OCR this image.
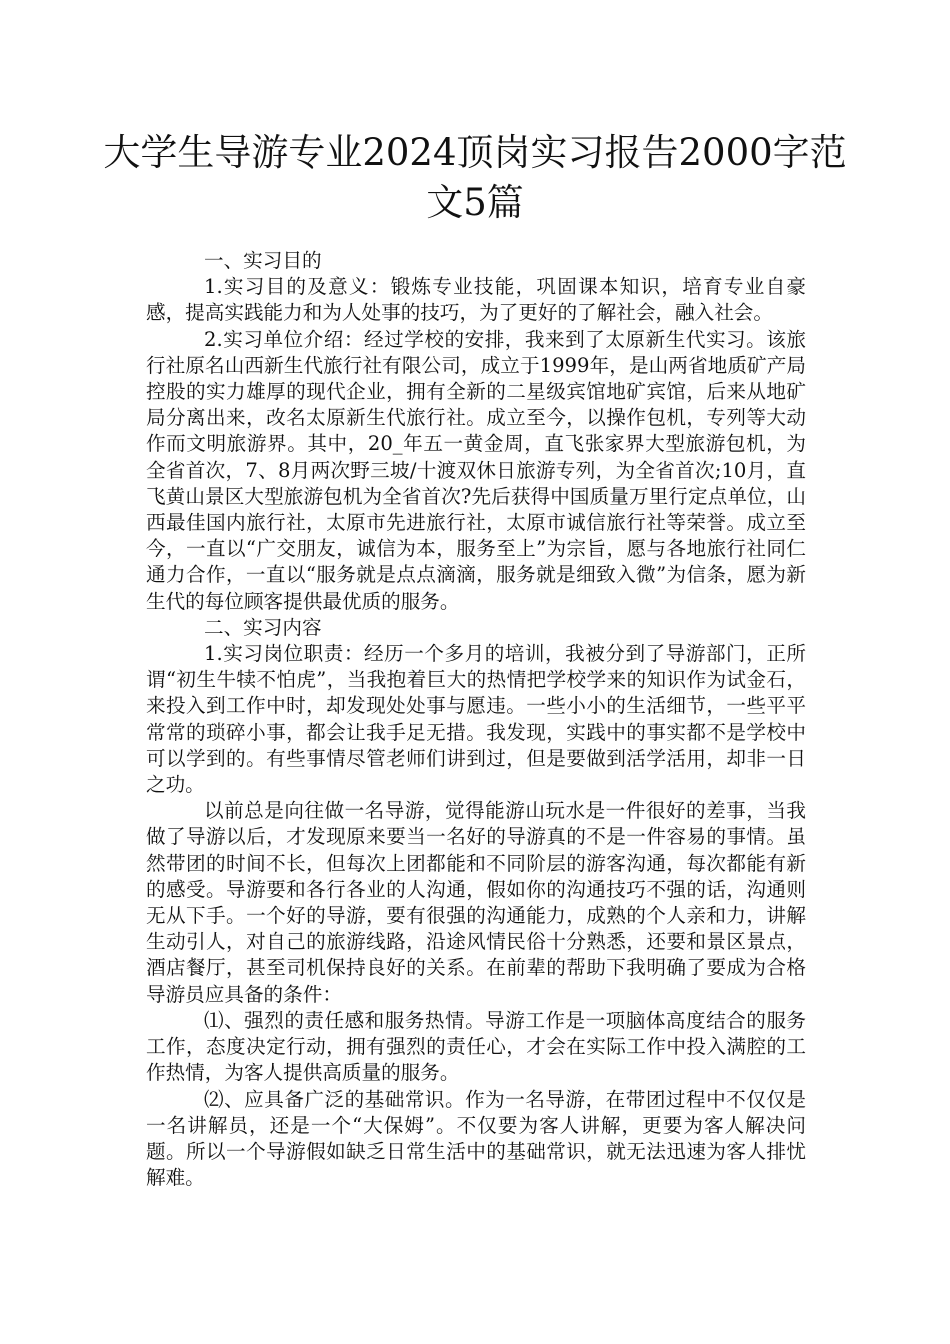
大学生导游专业2024顶岗实习报告2000字范文5篇

一、实习目的

1.实习目的及意义：锻炼专业技能，巩固课本知识，培育专业自豪感，提高实践能力和为人处事的技巧，为了更好的了解社会，融入社会。

2.实习单位介绍：经过学校的安排，我来到了太原新生代实习。该旅行社原名山西新生代旅行社有限公司，成立于1999年，是山两省地质矿产局控股的实力雄厚的现代企业，拥有全新的二星级宾馆地矿宾馆，后来从地矿局分离出来，改名太原新生代旅行社。成立至今，以操作包机，专列等大动作而文明旅游界。其中，20_年五一黄金周，直飞张家界大型旅游包机，为全省首次，7、8月两次野三坡/十渡双休日旅游专列，为全省首次;10月，直飞黄山景区大型旅游包机为全省首次?先后获得中国质量万里行定点单位，山西最佳国内旅行社，太原市先进旅行社，太原市诚信旅行社等荣誉。成立至今，一直以“广交朋友，诚信为本，服务至上”为宗旨，愿与各地旅行社同仁通力合作，一直以“服务就是点点滴滴，服务就是细致入微”为信条，愿为新生代的每位顾客提供最优质的服务。

二、实习内容

1.实习岗位职责：经历一个多月的培训，我被分到了导游部门，正所谓“初生牛犊不怕虎”，当我抱着巨大的热情把学校学来的知识作为试金石，来投入到工作中时，却发现处处事与愿违。一些小小的生活细节，一些平平常常的琐碎小事，都会让我手足无措。我发现，实践中的事实都不是学校中可以学到的。有些事情尽管老师们讲到过，但是要做到活学活用，却非一日之功。

以前总是向往做一名导游，觉得能游山玩水是一件很好的差事，当我做了导游以后，才发现原来要当一名好的导游真的不是一件容易的事情。虽然带团的时间不长，但每次上团都能和不同阶层的游客沟通，每次都能有新的感受。导游要和各行各业的人沟通，假如你的沟通技巧不强的话，沟通则无从下手。一个好的导游，要有很强的沟通能力，成熟的个人亲和力，讲解生动引人，对自己的旅游线路，沿途风情民俗十分熟悉，还要和景区景点，酒店餐厅，甚至司机保持良好的关系。在前辈的帮助下我明确了要成为合格导游员应具备的条件：

⑴、强烈的责任感和服务热情。导游工作是一项脑体高度结合的服务工作，态度决定行动，拥有强烈的责任心，才会在实际工作中投入满腔的工作热情，为客人提供高质量的服务。

⑵、应具备广泛的基础常识。作为一名导游，在带团过程中不仅仅是一名讲解员，还是一个“大保姆”。不仅要为客人讲解，更要为客人解决问题。所以一个导游假如缺乏日常生活中的基础常识，就无法迅速为客人排忧解难。
